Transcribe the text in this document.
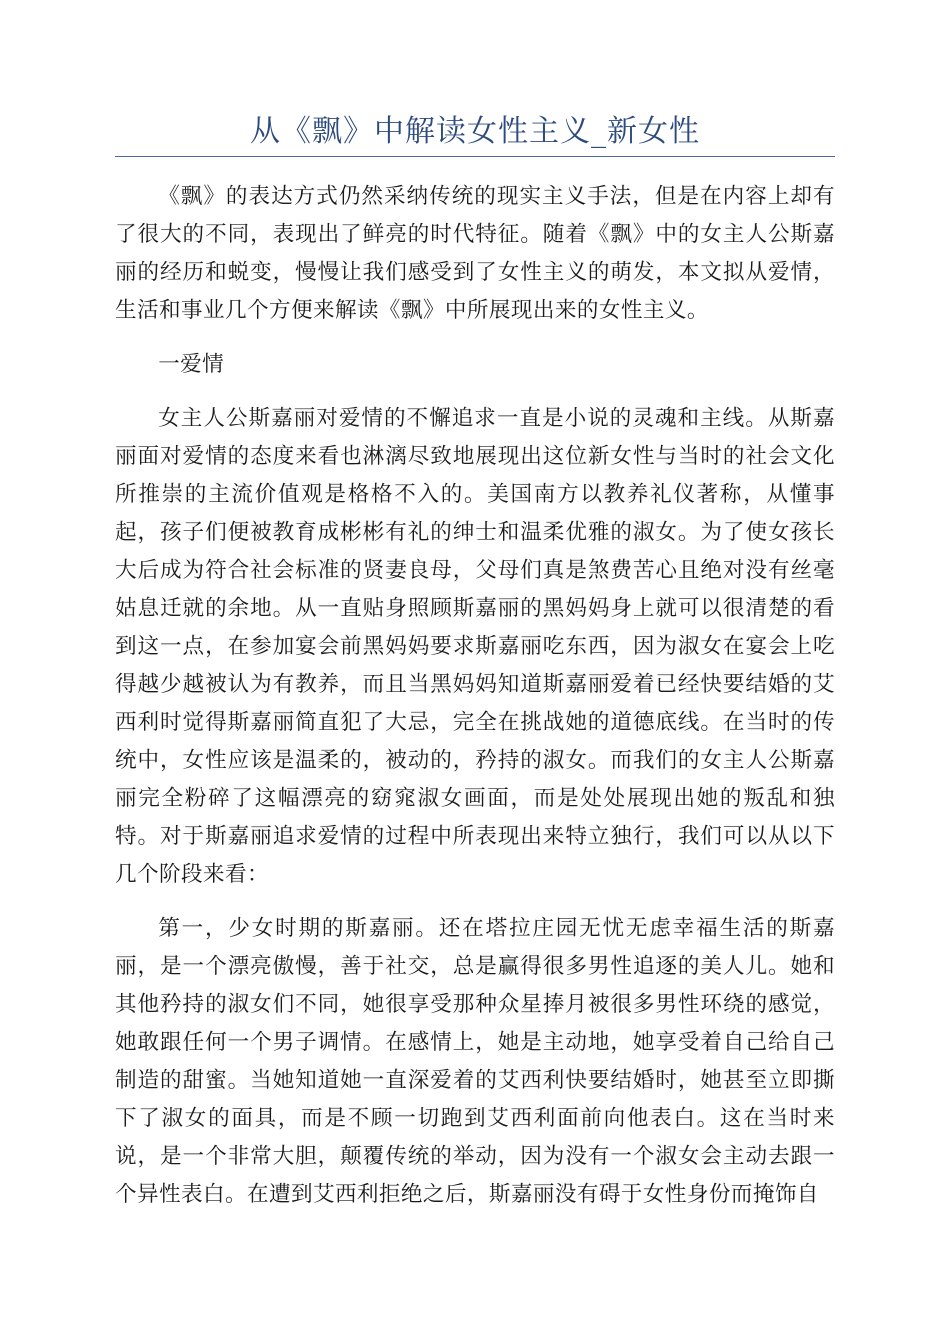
从《飘》中解读女性主义_新女性

《飘》的表达方式仍然采纳传统的现实主义手法，但是在内容上却有了很大的不同，表现出了鲜亮的时代特征。随着《飘》中的女主人公斯嘉丽的经历和蜕变，慢慢让我们感受到了女性主义的萌发，本文拟从爱情，生活和事业几个方便来解读《飘》中所展现出来的女性主义。

一爱情

女主人公斯嘉丽对爱情的不懈追求一直是小说的灵魂和主线。从斯嘉丽面对爱情的态度来看也淋漓尽致地展现出这位新女性与当时的社会文化所推崇的主流价值观是格格不入的。美国南方以教养礼仪著称，从懂事起，孩子们便被教育成彬彬有礼的绅士和温柔优雅的淑女。为了使女孩长大后成为符合社会标准的贤妻良母，父母们真是煞费苦心且绝对没有丝毫姑息迁就的余地。从一直贴身照顾斯嘉丽的黑妈妈身上就可以很清楚的看到这一点，在参加宴会前黑妈妈要求斯嘉丽吃东西，因为淑女在宴会上吃得越少越被认为有教养，而且当黑妈妈知道斯嘉丽爱着已经快要结婚的艾西利时觉得斯嘉丽简直犯了大忌，完全在挑战她的道德底线。在当时的传统中，女性应该是温柔的，被动的，矜持的淑女。而我们的女主人公斯嘉丽完全粉碎了这幅漂亮的窈窕淑女画面，而是处处展现出她的叛乱和独特。对于斯嘉丽追求爱情的过程中所表现出来特立独行，我们可以从以下几个阶段来看：

第一，少女时期的斯嘉丽。还在塔拉庄园无忧无虑幸福生活的斯嘉丽，是一个漂亮傲慢，善于社交，总是赢得很多男性追逐的美人儿。她和其他矜持的淑女们不同，她很享受那种众星捧月被很多男性环绕的感觉，她敢跟任何一个男子调情。在感情上，她是主动地，她享受着自己给自己制造的甜蜜。当她知道她一直深爱着的艾西利快要结婚时，她甚至立即撕下了淑女的面具，而是不顾一切跑到艾西利面前向他表白。这在当时来说，是一个非常大胆，颠覆传统的举动，因为没有一个淑女会主动去跟一个异性表白。在遭到艾西利拒绝之后，斯嘉丽没有碍于女性身份而掩饰自
